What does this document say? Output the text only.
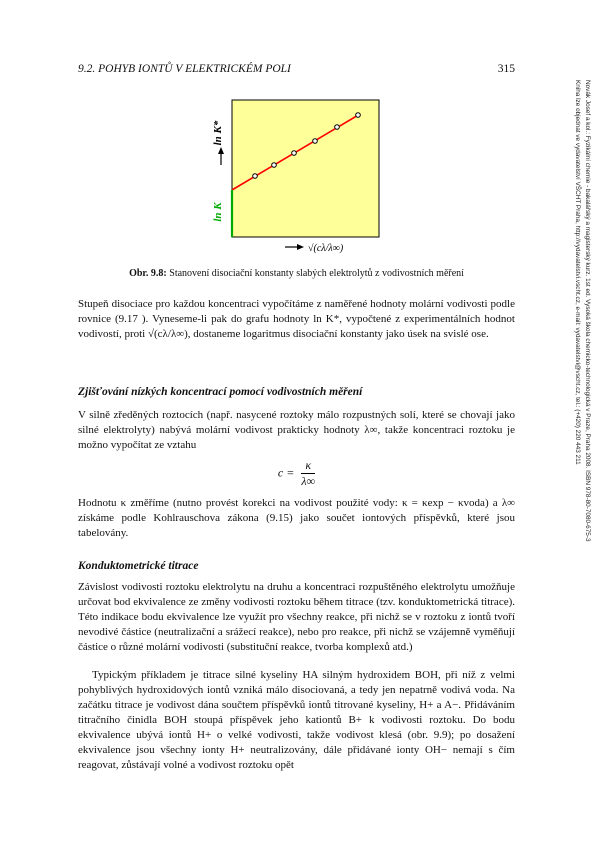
9.2. POHYB IONTŮ V ELEKTRICKÉM POLI	315
ln K
ln K*
√(cλ/λ∞)
Obr. 9.8: Stanovení disociační konstanty slabých elektrolytů z vodivostních měření

Stupeň disociace pro každou koncentraci vypočítáme z naměřené hodnoty molární vodivosti podle rovnice (9.17 ). Vyneseme-li pak do grafu hodnoty ln K*, vypočtené z experimentálních hodnot vodivostí, proti √(cλ/λ∞), dostaneme logaritmus disociační konstanty jako úsek na svislé ose.

Zjišťování nízkých koncentrací pomocí vodivostních měření

V silně zředěných roztocích (např. nasycené roztoky málo rozpustných solí, které se chovají jako silné elektrolyty) nabývá molární vodivost prakticky hodnoty λ∞, takže koncentraci roztoku je možno vypočítat ze vztahu

$c = \frac{\kappa}{\lambda\infty}$

Hodnotu κ změříme (nutno provést korekci na vodivost použité vody: κ = κexp − κvoda) a λ∞ získáme podle Kohlrauschova zákona (9.15) jako součet iontových příspěvků, které jsou tabelovány.

Konduktometrické titrace

Závislost vodivosti roztoku elektrolytu na druhu a koncentraci rozpuštěného elektrolytu umožňuje určovat bod ekvivalence ze změny vodivosti roztoku během titrace (tzv. konduktometrická titrace). Této indikace bodu ekvivalence lze využít pro všechny reakce, při nichž se v roztoku z iontů tvoří nevodivé částice (neutralizační a srážecí reakce), nebo pro reakce, při nichž se vzájemně vyměňují částice o různé molární vodivosti (substituční reakce, tvorba komplexů atd.)

Typickým příkladem je titrace silné kyseliny HA silným hydroxidem BOH, při níž z velmi pohyblivých hydroxidových iontů vzniká málo disociovaná, a tedy jen nepatrně vodivá voda. Na začátku titrace je vodivost dána součtem příspěvků iontů titrované kyseliny, H+ a A−. Přidáváním titračního činidla BOH stoupá příspěvek jeho kationtů B+ k vodivosti roztoku. Do bodu ekvivalence ubývá iontů H+ o velké vodivosti, takže vodivost klesá (obr. 9.9); po dosažení ekvivalence jsou všechny ionty H+ neutralizovány, dále přidávané ionty OH− nemají s čím reagovat, zůstávají volné a vodivost roztoku opět

Novák Josef a kol.: Fyzikální chemie - bakalářský a magisterský kurz. 1st ed. Vysoká škola chemicko-technologická v Praze, Praha 2008. ISBN 978-80-7080-675-3
Kniha lze objednat ve vydavatelství VŠCHT Praha, http://vydavatelstvi.vscht.cz, e-mail: vydavatelstvi@vscht.cz, tel.: (+420) 220 443 211
